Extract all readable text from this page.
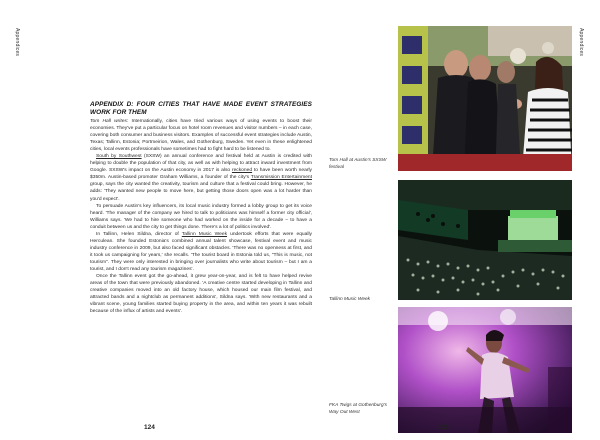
Appendices	Appendices

APPENDIX D: FOUR CITIES THAT HAVE MADE EVENT STRATEGIES WORK FOR THEM

Tom Hall writes: Internationally, cities have tried various ways of using events to boost their economies. They've put a particular focus on hotel room revenues and visitor numbers – in each case, covering both consumer and business visitors. Examples of successful event strategies include Austin, Texas; Tallinn, Estonia; Portmeirion, Wales, and Gothenburg, Sweden. Yet even in these enlightened cities, local events professionals have sometimes had to fight hard to be listened to.

South by Southwest (SXSW) an annual conference and festival held at Austin is credited with helping to double the population of that city, as well as with helping to attract inward investment from Google. SXSW's impact on the Austin economy in 2017 is also reckoned to have been worth nearly $350m. Austin-based promoter Graham Williams, a founder of the city's Transmission Entertainment group, says the city wanted the creativity, tourism and culture that a festival could bring. However, he adds: 'They wanted new people to move here, but getting those doors open was a lot harder than you'd expect'.

To persuade Austin's key influencers, its local music industry formed a lobby group to get its voice heard. 'The manager of the company we hired to talk to politicians was himself a former city official', Williams says. 'We had to hire someone who had worked on the inside for a decade – to have a conduit between us and the city to get things done. There's a lot of politics involved'.

In Tallinn, Helen Sildna, director of Tallinn Music Week undertook efforts that were equally Herculean. She founded Estonia's combined annual talent showcase, festival event and music industry conference in 2009, but also faced significant obstacles. 'There was no openness at first, and it took us campaigning for years,' she recalls. 'The tourist board in Estonia told us, "This is music, not tourism". They were only interested in bringing over journalists who write about tourism – but I am a tourist, and I don't read any tourism magazines'.

Once the Tallinn event got the go-ahead, it grew year-on-year, and is felt to have helped revive areas of the town that were previously abandoned. 'A creative centre started developing in Tallinn and creative companies moved into an old factory house, which housed our main film festival, and attracted bands and a nightclub as permanent additions', Sildna says. 'With new restaurants and a vibrant scene, young families started buying property in the area, and within ten years it was rebuilt because of the influx of artists and events'.

Tom Hall at Austin's SXSW festival
Tallinn Music Week
FKA Twigs at Gothenburg's Way Out West
124	125
